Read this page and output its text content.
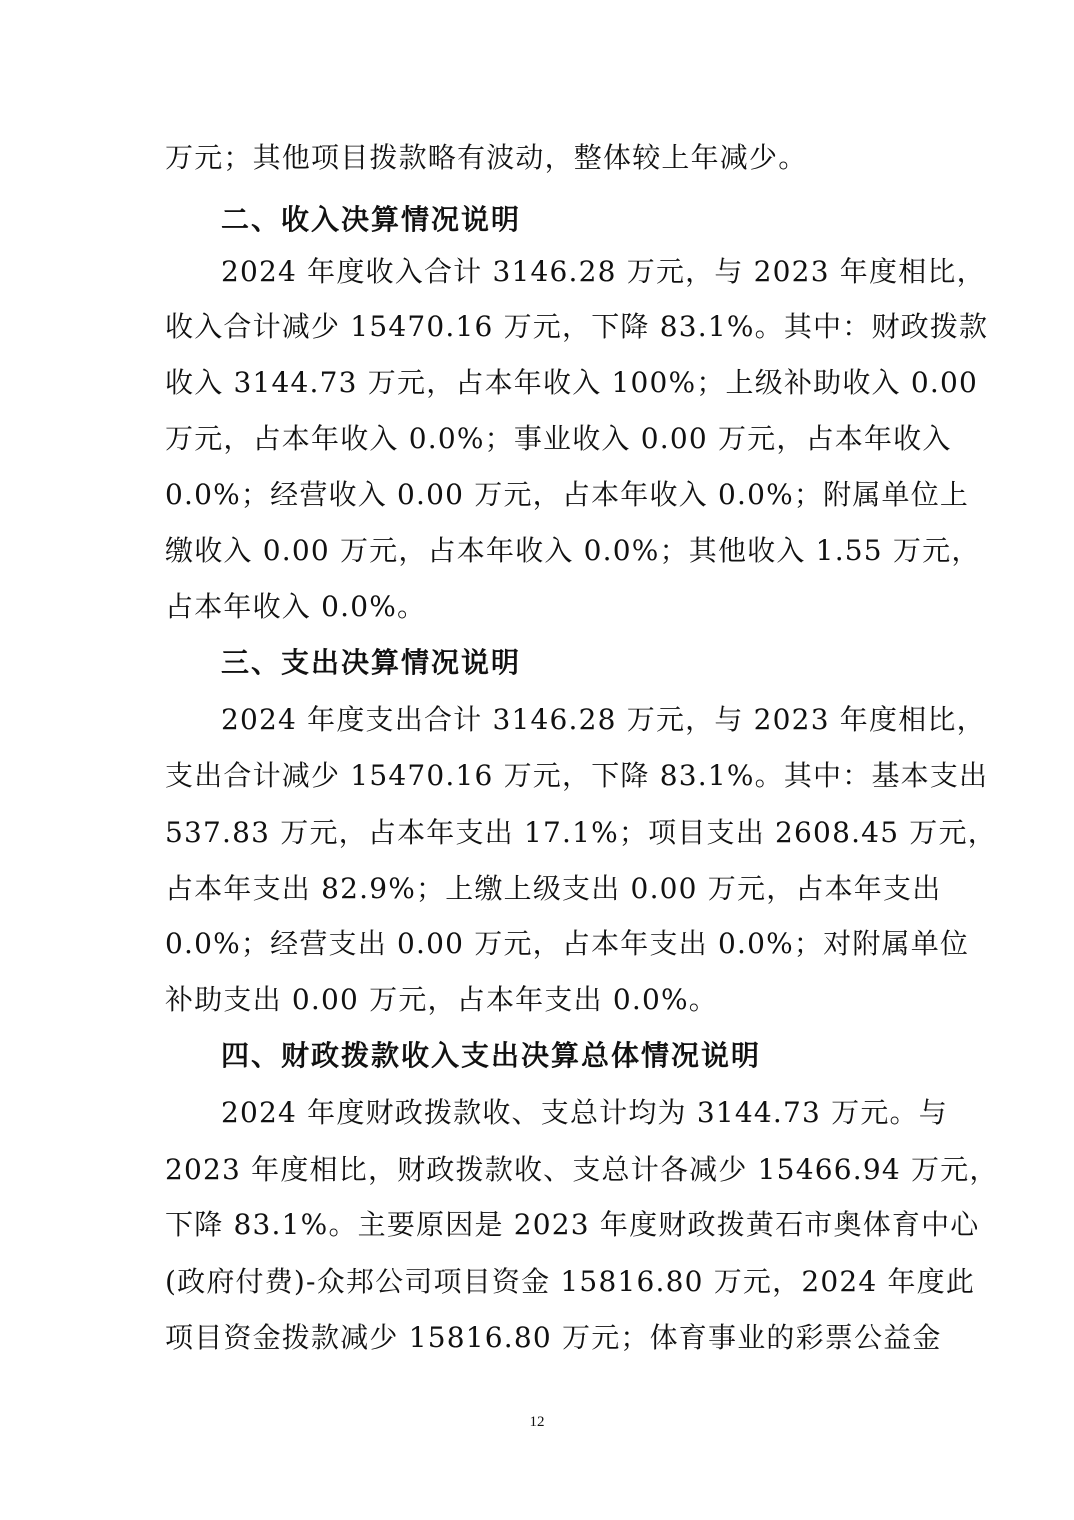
万元；其他项目拨款略有波动，整体较上年减少。
二、收入决算情况说明
2024 年度收入合计 3146.28 万元，与 2023 年度相比，
收入合计减少 15470.16 万元，下降 83.1%。其中：财政拨款
收入 3144.73 万元，占本年收入 100%；上级补助收入 0.00
万元，占本年收入 0.0%；事业收入 0.00 万元，占本年收入
0.0%；经营收入 0.00 万元，占本年收入 0.0%；附属单位上
缴收入 0.00 万元，占本年收入 0.0%；其他收入 1.55 万元，
占本年收入 0.0%。
三、支出决算情况说明
2024 年度支出合计 3146.28 万元，与 2023 年度相比，
支出合计减少 15470.16 万元，下降 83.1%。其中：基本支出
537.83 万元，占本年支出 17.1%；项目支出 2608.45 万元，
占本年支出 82.9%；上缴上级支出 0.00 万元，占本年支出
0.0%；经营支出 0.00 万元，占本年支出 0.0%；对附属单位
补助支出 0.00 万元，占本年支出 0.0%。
四、财政拨款收入支出决算总体情况说明
2024 年度财政拨款收、支总计均为 3144.73 万元。与
2023 年度相比，财政拨款收、支总计各减少 15466.94 万元，
下降 83.1%。主要原因是 2023 年度财政拨黄石市奥体育中心
(政府付费)-众邦公司项目资金 15816.80 万元，2024 年度此
项目资金拨款减少 15816.80 万元；体育事业的彩票公益金
12
